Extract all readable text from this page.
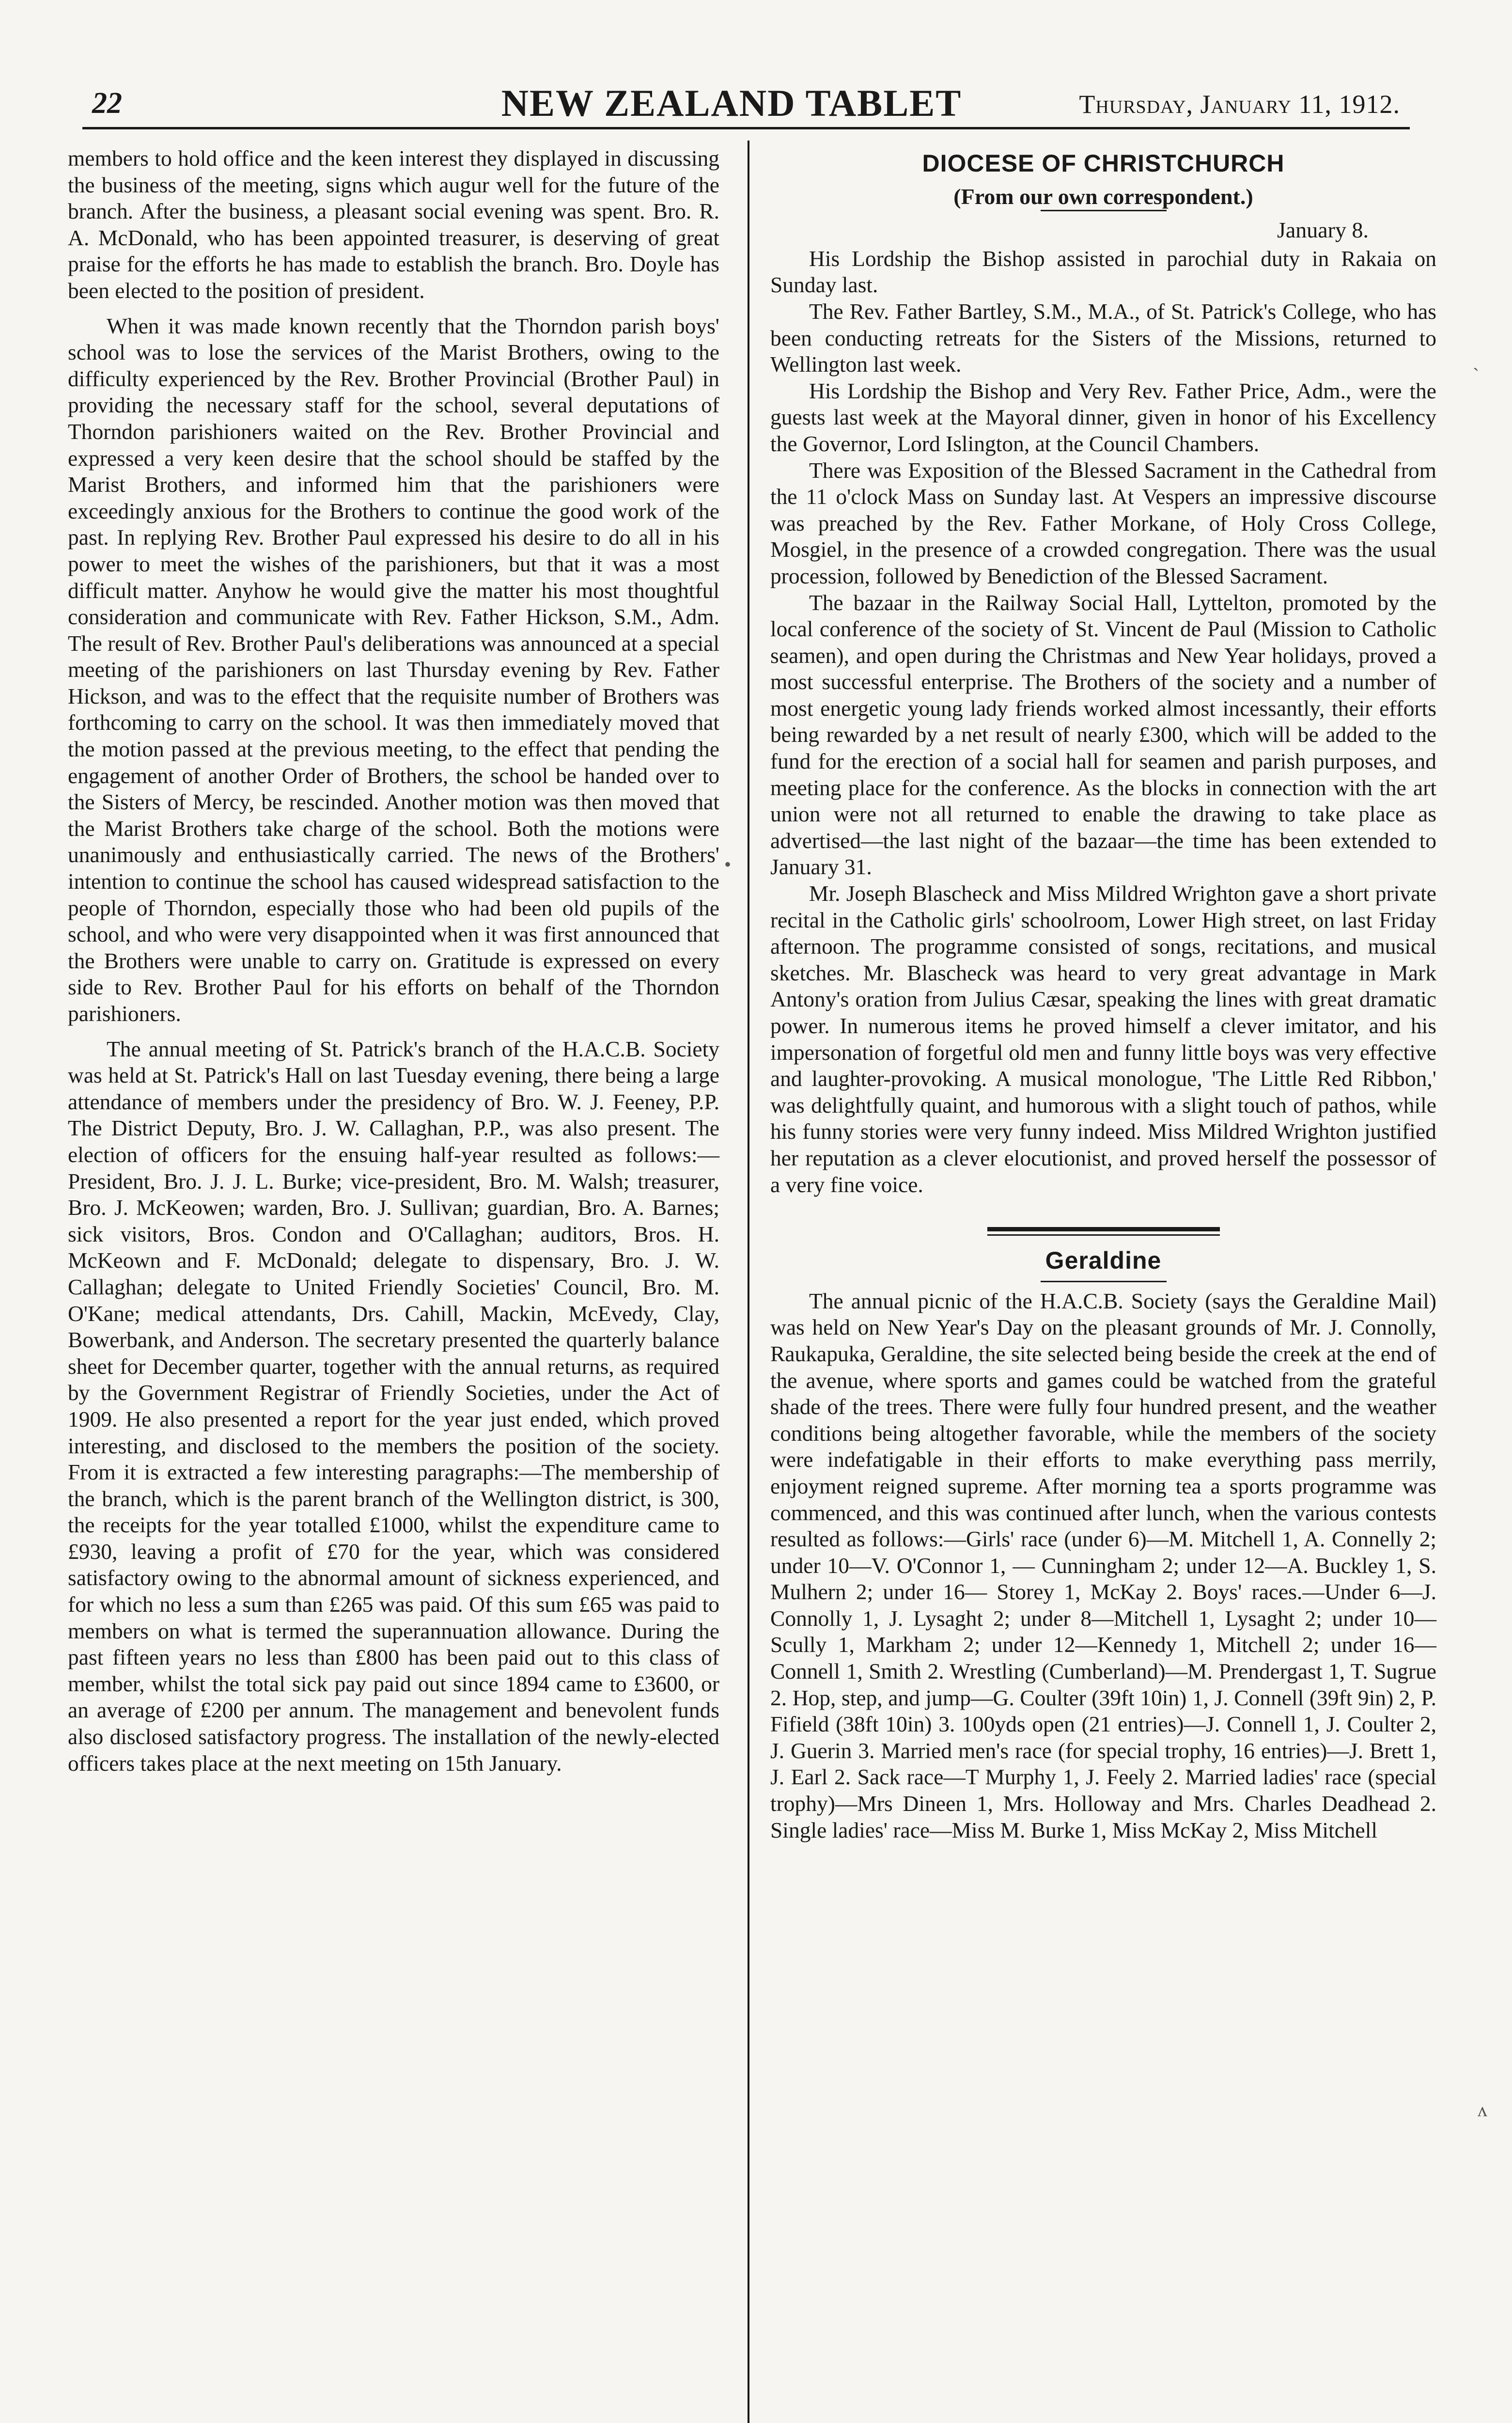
22	NEW ZEALAND TABLET	Thursday, January 11, 1912.

members to hold office and the keen interest they displayed in discussing the business of the meeting, signs which augur well for the future of the branch. After the business, a pleasant social evening was spent. Bro. R. A. McDonald, who has been appointed treasurer, is deserving of great praise for the efforts he has made to establish the branch. Bro. Doyle has been elected to the position of president.

When it was made known recently that the Thorndon parish boys' school was to lose the services of the Marist Brothers, owing to the difficulty experienced by the Rev. Brother Provincial (Brother Paul) in providing the necessary staff for the school, several deputations of Thorndon parishioners waited on the Rev. Brother Provincial and expressed a very keen desire that the school should be staffed by the Marist Brothers, and informed him that the parishioners were exceedingly anxious for the Brothers to continue the good work of the past. In replying Rev. Brother Paul expressed his desire to do all in his power to meet the wishes of the parishioners, but that it was a most difficult matter. Anyhow he would give the matter his most thoughtful consideration and communicate with Rev. Father Hickson, S.M., Adm. The result of Rev. Brother Paul's deliberations was announced at a special meeting of the parishioners on last Thursday evening by Rev. Father Hickson, and was to the effect that the requisite number of Brothers was forthcoming to carry on the school. It was then immediately moved that the motion passed at the previous meeting, to the effect that pending the engagement of another Order of Brothers, the school be handed over to the Sisters of Mercy, be rescinded. Another motion was then moved that the Marist Brothers take charge of the school. Both the motions were unanimously and enthusiastically carried. The news of the Brothers' intention to continue the school has caused widespread satisfaction to the people of Thorndon, especially those who had been old pupils of the school, and who were very disappointed when it was first announced that the Brothers were unable to carry on. Gratitude is expressed on every side to Rev. Brother Paul for his efforts on behalf of the Thorndon parishioners.

The annual meeting of St. Patrick's branch of the H.A.C.B. Society was held at St. Patrick's Hall on last Tuesday evening, there being a large attendance of members under the presidency of Bro. W. J. Feeney, P.P. The District Deputy, Bro. J. W. Callaghan, P.P., was also present. The election of officers for the ensuing half-year resulted as follows:—President, Bro. J. J. L. Burke; vice-president, Bro. M. Walsh; treasurer, Bro. J. McKeowen; warden, Bro. J. Sullivan; guardian, Bro. A. Barnes; sick visitors, Bros. Condon and O'Callaghan; auditors, Bros. H. McKeown and F. McDonald; delegate to dispensary, Bro. J. W. Callaghan; delegate to United Friendly Societies' Council, Bro. M. O'Kane; medical attendants, Drs. Cahill, Mackin, McEvedy, Clay, Bowerbank, and Anderson. The secretary presented the quarterly balance sheet for December quarter, together with the annual returns, as required by the Government Registrar of Friendly Societies, under the Act of 1909. He also presented a report for the year just ended, which proved interesting, and disclosed to the members the position of the society. From it is extracted a few interesting paragraphs:—The membership of the branch, which is the parent branch of the Wellington district, is 300, the receipts for the year totalled £1000, whilst the expenditure came to £930, leaving a profit of £70 for the year, which was considered satisfactory owing to the abnormal amount of sickness experienced, and for which no less a sum than £265 was paid. Of this sum £65 was paid to members on what is termed the superannuation allowance. During the past fifteen years no less than £800 has been paid out to this class of member, whilst the total sick pay paid out since 1894 came to £3600, or an average of £200 per annum. The management and benevolent funds also disclosed satisfactory progress. The installation of the newly-elected officers takes place at the next meeting on 15th January.

DIOCESE OF CHRISTCHURCH
(From our own correspondent.)
January 8.

His Lordship the Bishop assisted in parochial duty in Rakaia on Sunday last.

The Rev. Father Bartley, S.M., M.A., of St. Patrick's College, who has been conducting retreats for the Sisters of the Missions, returned to Wellington last week.

His Lordship the Bishop and Very Rev. Father Price, Adm., were the guests last week at the Mayoral dinner, given in honor of his Excellency the Governor, Lord Islington, at the Council Chambers.

There was Exposition of the Blessed Sacrament in the Cathedral from the 11 o'clock Mass on Sunday last. At Vespers an impressive discourse was preached by the Rev. Father Morkane, of Holy Cross College, Mosgiel, in the presence of a crowded congregation. There was the usual procession, followed by Benediction of the Blessed Sacrament.

The bazaar in the Railway Social Hall, Lyttelton, promoted by the local conference of the society of St. Vincent de Paul (Mission to Catholic seamen), and open during the Christmas and New Year holidays, proved a most successful enterprise. The Brothers of the society and a number of most energetic young lady friends worked almost incessantly, their efforts being rewarded by a net result of nearly £300, which will be added to the fund for the erection of a social hall for seamen and parish purposes, and meeting place for the conference. As the blocks in connection with the art union were not all returned to enable the drawing to take place as advertised—the last night of the bazaar—the time has been extended to January 31.

Mr. Joseph Blascheck and Miss Mildred Wrighton gave a short private recital in the Catholic girls' schoolroom, Lower High street, on last Friday afternoon. The programme consisted of songs, recitations, and musical sketches. Mr. Blascheck was heard to very great advantage in Mark Antony's oration from Julius Cæsar, speaking the lines with great dramatic power. In numerous items he proved himself a clever imitator, and his impersonation of forgetful old men and funny little boys was very effective and laughter-provoking. A musical monologue, 'The Little Red Ribbon,' was delightfully quaint, and humorous with a slight touch of pathos, while his funny stories were very funny indeed. Miss Mildred Wrighton justified her reputation as a clever elocutionist, and proved herself the possessor of a very fine voice.

Geraldine

The annual picnic of the H.A.C.B. Society (says the Geraldine Mail) was held on New Year's Day on the pleasant grounds of Mr. J. Connolly, Raukapuka, Geraldine, the site selected being beside the creek at the end of the avenue, where sports and games could be watched from the grateful shade of the trees. There were fully four hundred present, and the weather conditions being altogether favorable, while the members of the society were indefatigable in their efforts to make everything pass merrily, enjoyment reigned supreme. After morning tea a sports programme was commenced, and this was continued after lunch, when the various contests resulted as follows:—Girls' race (under 6)—M. Mitchell 1, A. Connelly 2; under 10—V. O'Connor 1, — Cunningham 2; under 12—A. Buckley 1, S. Mulhern 2; under 16— Storey 1, McKay 2. Boys' races.—Under 6—J. Connolly 1, J. Lysaght 2; under 8—Mitchell 1, Lysaght 2; under 10—Scully 1, Markham 2; under 12—Kennedy 1, Mitchell 2; under 16—Connell 1, Smith 2. Wrestling (Cumberland)—M. Prendergast 1, T. Sugrue 2. Hop, step, and jump—G. Coulter (39ft 10in) 1, J. Connell (39ft 9in) 2, P. Fifield (38ft 10in) 3. 100yds open (21 entries)—J. Connell 1, J. Coulter 2, J. Guerin 3. Married men's race (for special trophy, 16 entries)—J. Brett 1, J. Earl 2. Sack race—T Murphy 1, J. Feely 2. Married ladies' race (special trophy)—Mrs Dineen 1, Mrs. Holloway and Mrs. Charles Deadhead 2. Single ladies' race—Miss M. Burke 1, Miss McKay 2, Miss Mitchell

ˎ
ʌ
•
